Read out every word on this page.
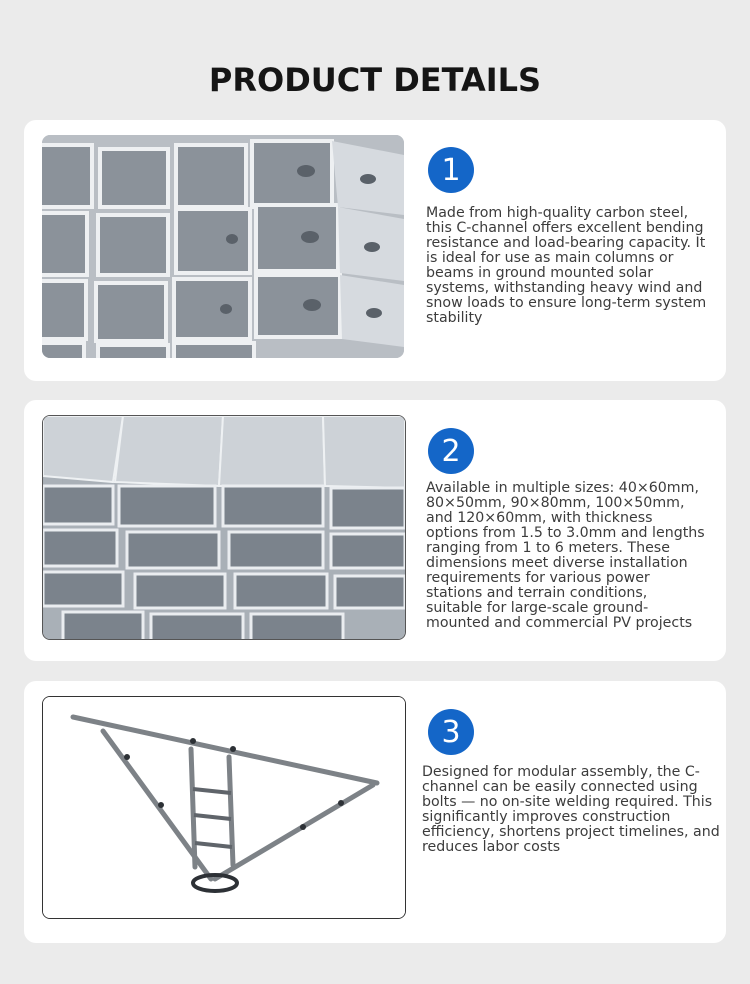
PRODUCT DETAILS
1

Made from high-quality carbon steel, this C-channel offers excellent bending resistance and load-bearing capacity. It is ideal for use as main columns or beams in ground mounted solar systems, withstanding heavy wind and snow loads to ensure long-term system stability

2

Available in multiple sizes: 40×60mm, 80×50mm, 90×80mm, 100×50mm, and 120×60mm, with thickness options from 1.5 to 3.0mm and lengths ranging from 1 to 6 meters. These dimensions meet diverse installation requirements for various power stations and terrain conditions, suitable for large-scale ground-mounted and commercial PV projects

3

Designed for modular assembly, the C-channel can be easily connected using bolts — no on-site welding required. This significantly improves construction efficiency, shortens project timelines, and reduces labor costs
